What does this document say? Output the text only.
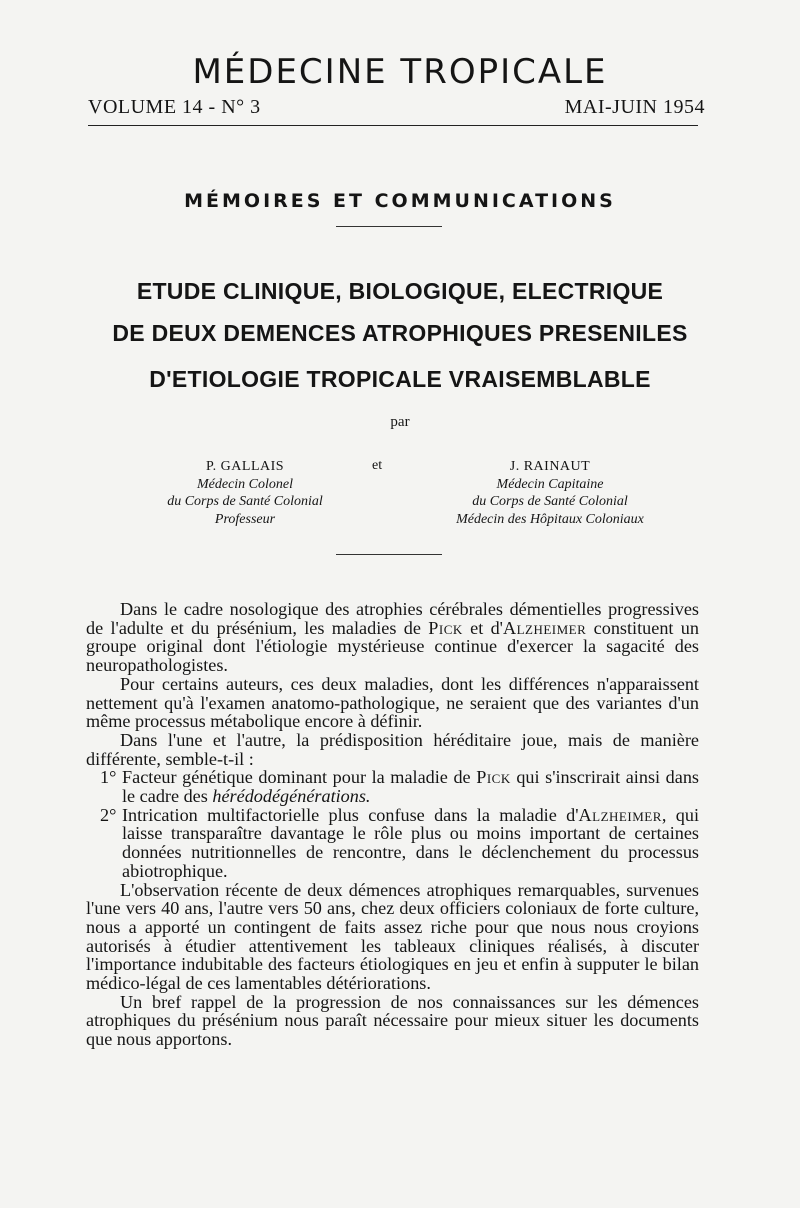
MÉDECINE TROPICALE
VOLUME 14 - N° 3	MAI-JUIN 1954
MÉMOIRES ET COMMUNICATIONS
ETUDE CLINIQUE, BIOLOGIQUE, ELECTRIQUE
DE DEUX DEMENCES ATROPHIQUES PRESENILES
D'ETIOLOGIE TROPICALE VRAISEMBLABLE
par
P. GALLAIS
Médecin Colonel
du Corps de Santé Colonial
Professeur
et	J. RAINAUT
Médecin Capitaine
du Corps de Santé Colonial
Médecin des Hôpitaux Coloniaux

Dans le cadre nosologique des atrophies cérébrales démentielles progressives de l'adulte et du présénium, les maladies de Pick et d'Alzheimer constituent un groupe original dont l'étiologie mystérieuse continue d'exercer la sagacité des neuropathologistes.

Pour certains auteurs, ces deux maladies, dont les différences n'apparaissent nettement qu'à l'examen anatomo-pathologique, ne seraient que des variantes d'un même processus métabolique encore à définir.

Dans l'une et l'autre, la prédisposition héréditaire joue, mais de manière différente, semble-t-il :

1° Facteur génétique dominant pour la maladie de Pick qui s'inscrirait ainsi dans le cadre des hérédodégénérations.
2° Intrication multifactorielle plus confuse dans la maladie d'Alzheimer, qui laisse transparaître davantage le rôle plus ou moins important de certaines données nutritionnelles de rencontre, dans le déclenchement du processus abiotrophique.

L'observation récente de deux démences atrophiques remarquables, survenues l'une vers 40 ans, l'autre vers 50 ans, chez deux officiers coloniaux de forte culture, nous a apporté un contingent de faits assez riche pour que nous nous croyions autorisés à étudier attentivement les tableaux cliniques réalisés, à discuter l'importance indubitable des facteurs étiologiques en jeu et enfin à supputer le bilan médico-légal de ces lamentables détériorations.

Un bref rappel de la progression de nos connaissances sur les démences atrophiques du présénium nous paraît nécessaire pour mieux situer les documents que nous apportons.
